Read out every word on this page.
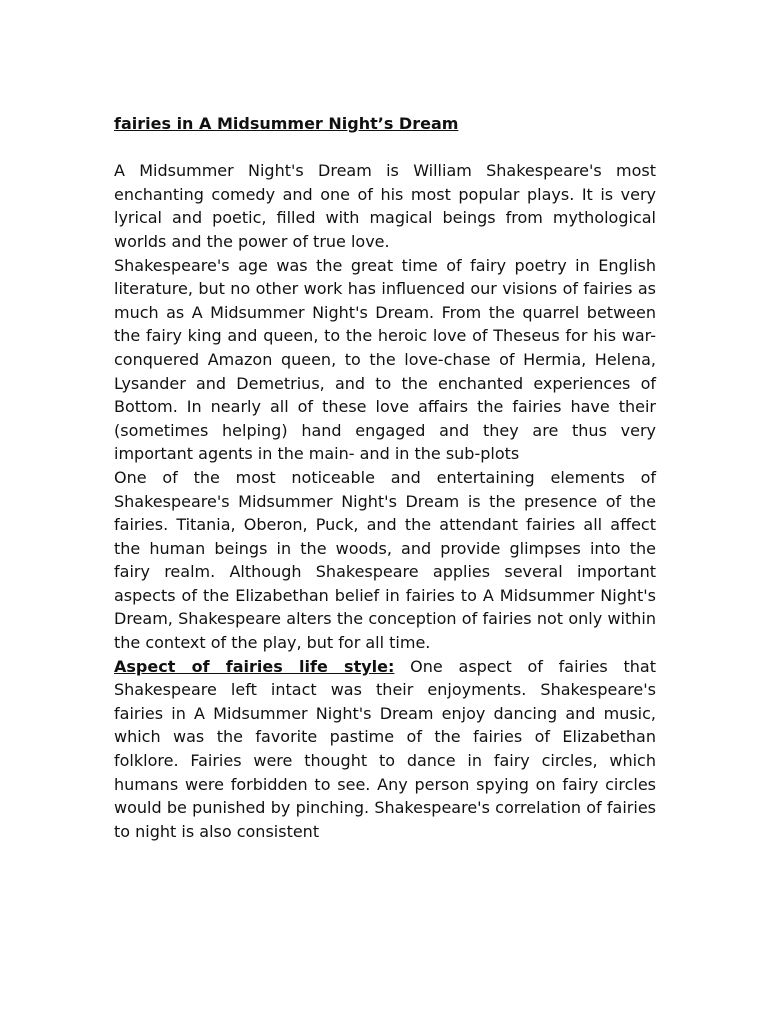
fairies in A Midsummer Night’s Dream

A Midsummer Night's Dream is William Shakespeare's most enchanting comedy and one of his most popular plays. It is very lyrical and poetic, filled with magical beings from mythological worlds and the power of true love.

Shakespeare's age was the great time of fairy poetry in English literature, but no other work has influenced our visions of fairies as much as A Midsummer Night's Dream. From the quarrel between the fairy king and queen, to the heroic love of Theseus for his war-conquered Amazon queen, to the love-chase of Hermia, Helena, Lysander and Demetrius, and to the enchanted experiences of Bottom. In nearly all of these love affairs the fairies have their (sometimes helping) hand engaged and they are thus very important agents in the main- and in the sub-plots

One of the most noticeable and entertaining elements of Shakespeare's Midsummer Night's Dream is the presence of the fairies. Titania, Oberon, Puck, and the attendant fairies all affect the human beings in the woods, and provide glimpses into the fairy realm. Although Shakespeare applies several important aspects of the Elizabethan belief in fairies to A Midsummer Night's Dream, Shakespeare alters the conception of fairies not only within the context of the play, but for all time.

Aspect of fairies life style: One aspect of fairies that Shakespeare left intact was their enjoyments. Shakespeare's fairies in A Midsummer Night's Dream enjoy dancing and music, which was the favorite pastime of the fairies of Elizabethan folklore. Fairies were thought to dance in fairy circles, which humans were forbidden to see. Any person spying on fairy circles would be punished by pinching. Shakespeare's correlation of fairies to night is also consistent
